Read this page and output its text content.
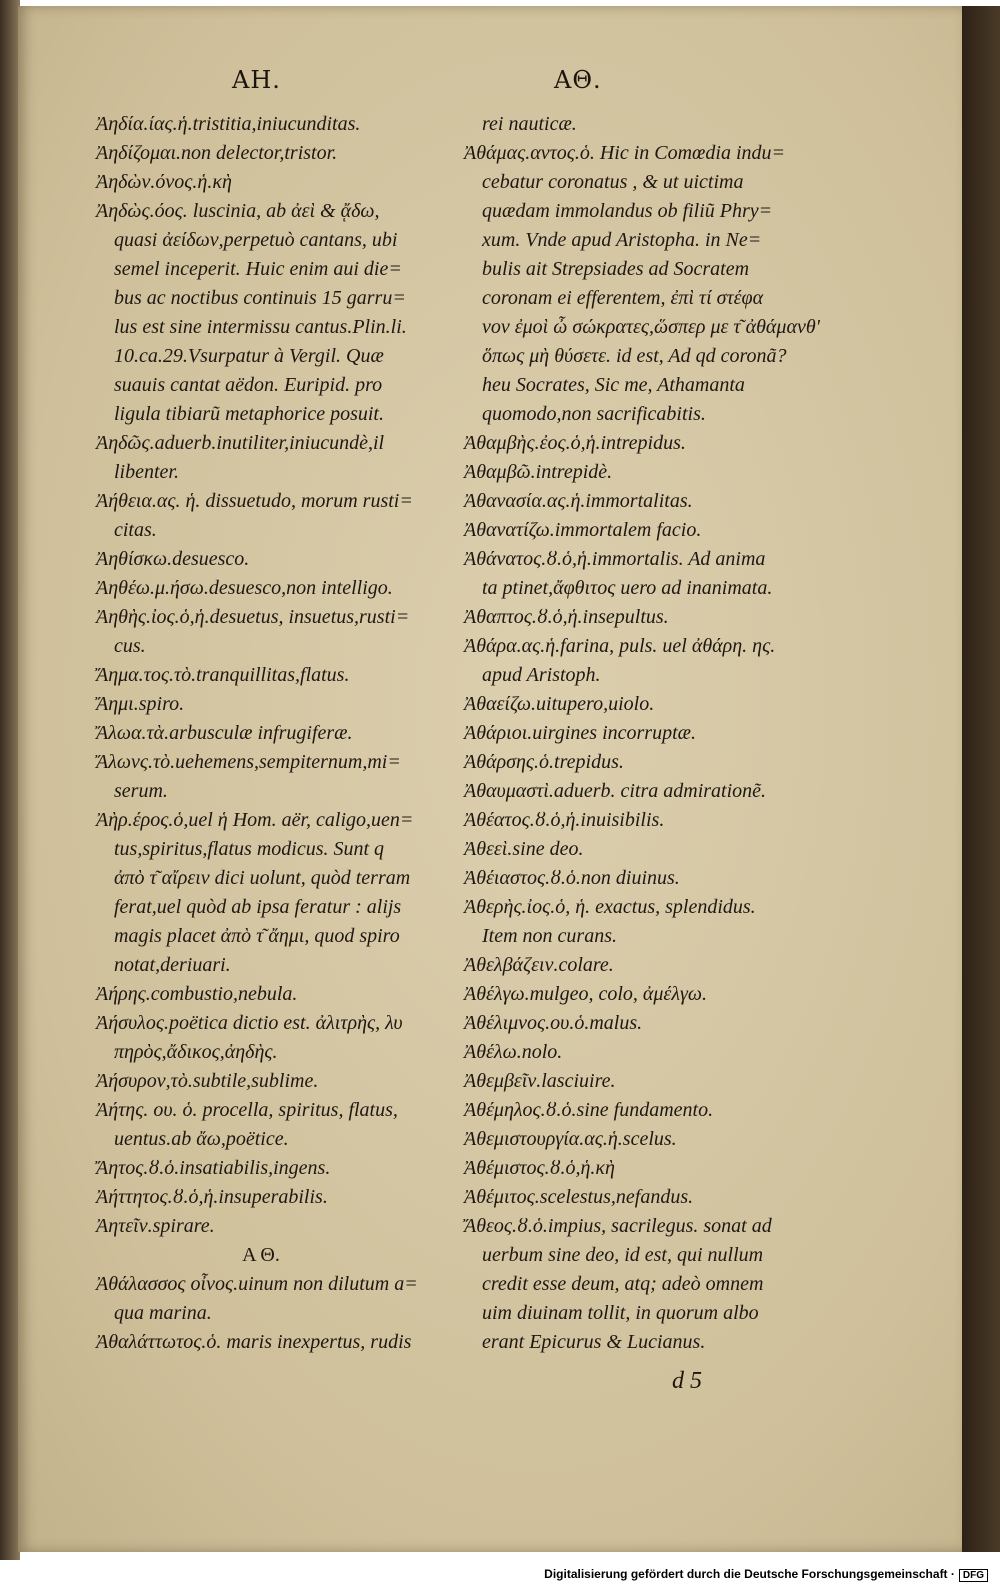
ΑΗ.	ΑΘ.
Ἀηδία.ίας.ἡ.tristitia,iniucunditas.
Ἀηδίζομαι.non delector,tristor.
Ἀηδὼν.όνος.ἡ.κὴ
Ἀηδὼς.όος. luscinia, ab ἀεὶ & ᾄδω,
quasi ἀείδων,perpetuò cantans, ubi
semel inceperit. Huic enim aui die=
bus ac noctibus continuis 15 garru=
lus est sine intermissu cantus.Plin.li.
10.ca.29.Vsurpatur à Vergil. Quæ
suauis cantat aëdon. Euripid. pro
ligula tibiarũ metaphorice posuit.
Ἀηδῶς.aduerb.inutiliter,iniucundè,il
libenter.
Ἀήθεια.ας. ἡ. dissuetudo, morum rusti=
citas.
Ἀηθίσκω.desuesco.
Ἀηθέω.μ.ήσω.desuesco,non intelligo.
Ἀηθὴς.ἰος.ὁ,ἡ.desuetus, insuetus,rusti=
cus.
Ἄημα.τος.τὸ.tranquillitas,flatus.
Ἄημι.spiro.
Ἄλωα.τὰ.arbusculæ infrugiferæ.
Ἄλωνς.τὸ.uehemens,sempiternum,mi=
serum.
Ἀὴρ.έρος.ὁ,uel ἡ Hom. aër, caligo,uen=
tus,spiritus,flatus modicus. Sunt q
ἀπὸ τ͂ αἴρειν dici uolunt, quòd terram
ferat,uel quòd ab ipsa feratur : alijs
magis placet ἀπὸ τ͂ ἄημι, quod spiro
notat,deriuari.
Ἀήρης.combustio,nebula.
Ἀήσυλος.poëtica dictio est. ἀλιτρὴς, λυ
πηρὸς,ἄδικος,ἀηδὴς.
Ἀήσυρον,τὸ.subtile,sublime.
Ἀήτης. ου. ὁ. procella, spiritus, flatus,
uentus.ab ἄω,poëtice.
Ἄητος.ȣ.ὁ.insatiabilis,ingens.
Ἀήττητος.ȣ.ὁ,ἡ.insuperabilis.
Ἀητεῖν.spirare.
Α Θ.
Ἀθάλασσος οἶνος.uinum non dilutum a=
qua marina.
Ἀθαλάττωτος.ὁ. maris inexpertus, rudis
rei nauticæ.
Ἀθάμας.αντος.ὁ. Hic in Comœdia indu=
cebatur coronatus , & ut uictima
quædam immolandus ob filiũ Phry=
xum. Vnde apud Aristopha. in Ne=
bulis ait Strepsiades ad Socratem
coronam ei efferentem, ἐπὶ τί στέφα
νον ἐμοὶ ὦ σώκρατες,ὥσπερ με τ͂ ἀθάμανθ'
ὅπως μὴ θύσετε. id est, Ad qd coronã?
heu Socrates, Sic me, Athamanta
quomodo,non sacrificabitis.
Ἀθαμβὴς.ἐος.ὁ,ἡ.intrepidus.
Ἀθαμβῶ.intrepidè.
Ἀθανασία.ας.ἡ.immortalitas.
Ἀθανατίζω.immortalem facio.
Ἀθάνατος.ȣ.ὁ,ἡ.immortalis. Ad anima
ta ptinet,ἄφθιτος uero ad inanimata.
Ἀθαπτος.ȣ.ὁ,ἡ.insepultus.
Ἀθάρα.ας.ἡ.farina, puls. uel ἀθάρη. ης.
apud Aristoph.
Ἀθαείζω.uitupero,uiolo.
Ἀθάριοι.uirgines incorruptæ.
Ἀθάρσης.ὁ.trepidus.
Ἀθαυμαστὶ.aduerb. citra admirationẽ.
Ἀθέατος.ȣ.ὁ,ἡ.inuisibilis.
Ἀθεεὶ.sine deo.
Ἀθέιαστος.ȣ.ὁ.non diuinus.
Ἀθερὴς.ἰος.ὁ, ἡ. exactus, splendidus.
Item non curans.
Ἀθελβάζειν.colare.
Ἀθέλγω.mulgeo, colo, ἀμέλγω.
Ἀθέλιμνος.ου.ὁ.malus.
Ἀθέλω.nolo.
Ἀθεμβεῖν.lasciuire.
Ἀθέμηλος.ȣ.ὁ.sine fundamento.
Ἀθεμιστουργία.ας.ἡ.scelus.
Ἀθέμιστος.ȣ.ὁ,ἡ.κὴ
Ἀθέμιτος.scelestus,nefandus.
Ἄθεος.ȣ.ὁ.impius, sacrilegus. sonat ad
uerbum sine deo, id est, qui nullum
credit esse deum, atq; adeò omnem
uim diuinam tollit, in quorum albo
erant Epicurus & Lucianus.
d 5
Digitalisierung gefördert durch die Deutsche Forschungsgemeinschaft · DFG
